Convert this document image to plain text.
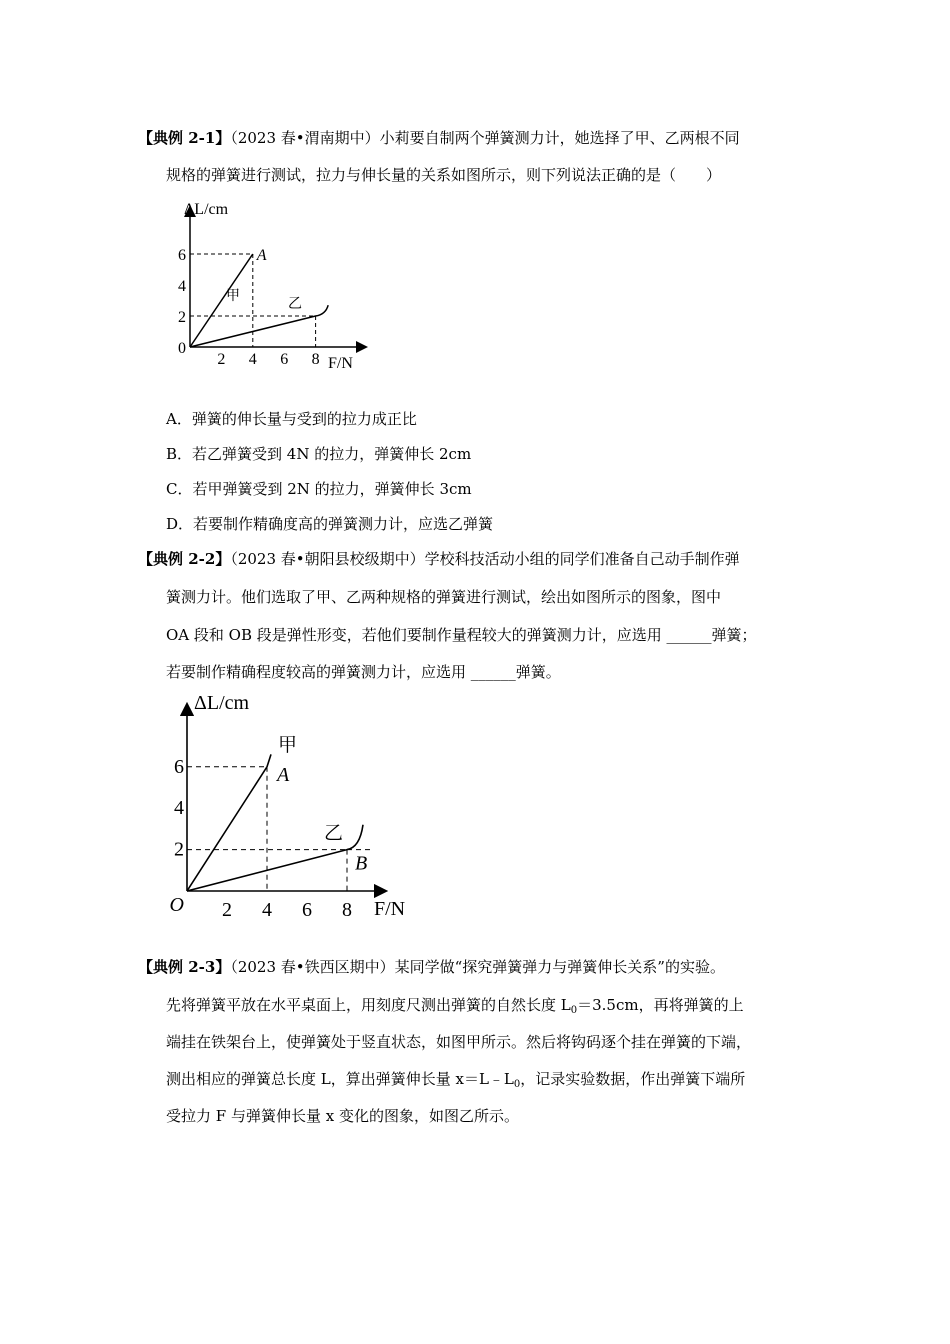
【典例 2-1】（2023 春•渭南期中）小莉要自制两个弹簧测力计，她选择了甲、乙两根不同
规格的弹簧进行测试，拉力与伸长量的关系如图所示，则下列说法正确的是（　　）
甲
A
乙
2 4 6 8
2
4
6
0
F/N
ΔL/cm
A．弹簧的伸长量与受到的拉力成正比
B．若乙弹簧受到 4N 的拉力，弹簧伸长 2cm
C．若甲弹簧受到 2N 的拉力，弹簧伸长 3cm
D．若要制作精确度高的弹簧测力计，应选乙弹簧
【典例 2-2】（2023 春•朝阳县校级期中）学校科技活动小组的同学们准备自己动手制作弹
簧测力计。他们选取了甲、乙两种规格的弹簧进行测试，绘出如图所示的图象，图中
OA 段和 OB 段是弹性形变，若他们要制作量程较大的弹簧测力计，应选用 ______弹簧；
若要制作精确程度较高的弹簧测力计，应选用 ______弹簧。
甲
A
乙
B
2 4 6 8
2
4
6
O	F/N
ΔL/cm
【典例 2-3】（2023 春•铁西区期中）某同学做“探究弹簧弹力与弹簧伸长关系”的实验。
先将弹簧平放在水平桌面上，用刻度尺测出弹簧的自然长度 $L_0=3.5cm$，再将弹簧的上
端挂在铁架台上，使弹簧处于竖直状态，如图甲所示。然后将钩码逐个挂在弹簧的下端，
测出相应的弹簧总长度 L，算出弹簧伸长量 $x=L﹣L_0$，记录实验数据，作出弹簧下端所
受拉力 F 与弹簧伸长量 x 变化的图象，如图乙所示。
